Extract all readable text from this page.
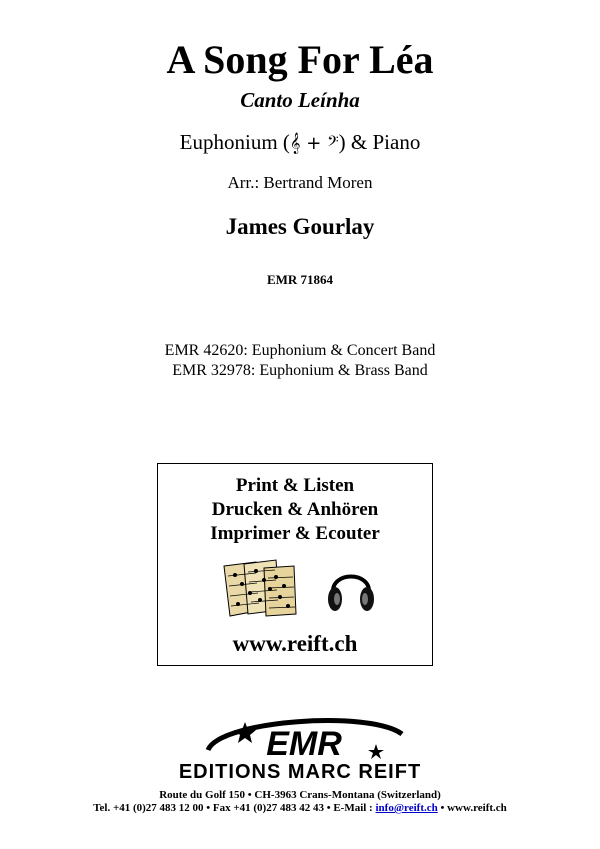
A Song For Léa
Canto Leínha
Euphonium (𝄞 + 𝄢) & Piano
Arr.: Bertrand Moren
James Gourlay
EMR 71864
EMR 42620: Euphonium & Concert Band
EMR 32978: Euphonium & Brass Band
Print & Listen
Drucken & Anhören
Imprimer & Ecouter
www.reift.ch
EMR
EDITIONS MARC REIFT
Route du Golf 150 • CH-3963 Crans-Montana (Switzerland)
Tel. +41 (0)27 483 12 00 • Fax +41 (0)27 483 42 43 • E-Mail : info@reift.ch • www.reift.ch
